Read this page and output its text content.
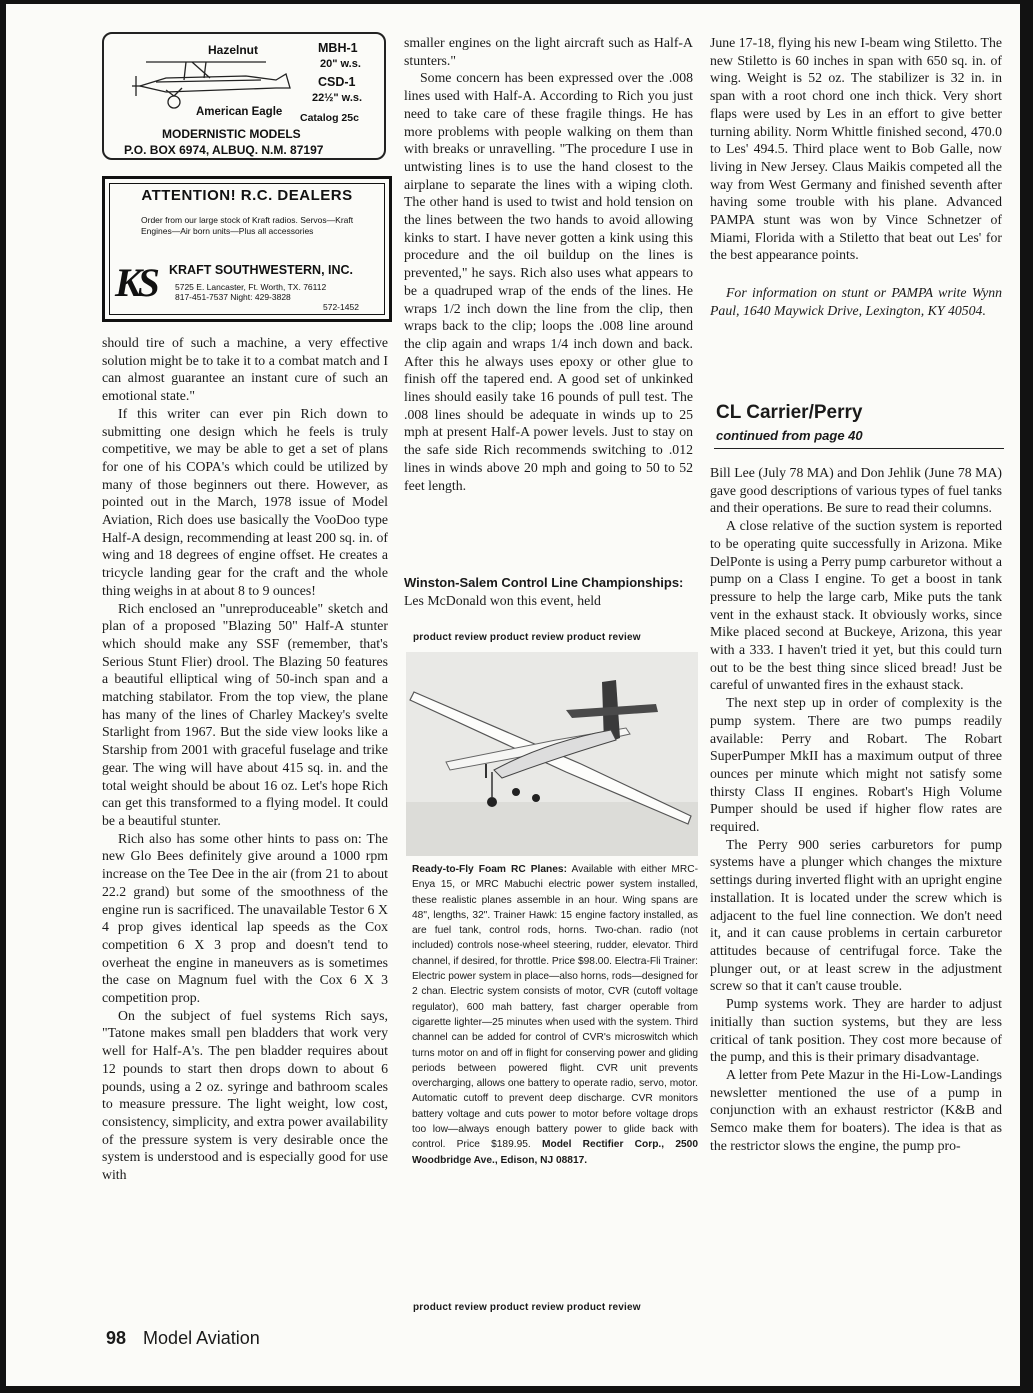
Hazelnut	MBH-1
20" w.s.
CSD-1
22½" w.s.
American Eagle Catalog 25c
MODERNISTIC MODELS
P.O. BOX 6974, ALBUQ. N.M. 87197
ATTENTION! R.C. DEALERS
Order from our large stock of Kraft radios. Servos—Kraft Engines—Air born units—Plus all accessories
KS KRAFT SOUTHWESTERN, INC.
5725 E. Lancaster, Ft. Worth, TX. 76112
817-451-7537 Night: 429-3828
572-1452

should tire of such a machine, a very effective solution might be to take it to a combat match and I can almost guarantee an instant cure of such an emotional state."

If this writer can ever pin Rich down to submitting one design which he feels is truly competitive, we may be able to get a set of plans for one of his COPA's which could be utilized by many of those beginners out there. However, as pointed out in the March, 1978 issue of Model Aviation, Rich does use basically the VooDoo type Half-A design, recommending at least 200 sq. in. of wing and 18 degrees of engine offset. He creates a tricycle landing gear for the craft and the whole thing weighs in at about 8 to 9 ounces!

Rich enclosed an "unreproduceable" sketch and plan of a proposed "Blazing 50" Half-A stunter which should make any SSF (remember, that's Serious Stunt Flier) drool. The Blazing 50 features a beautiful elliptical wing of 50-inch span and a matching stabilator. From the top view, the plane has many of the lines of Charley Mackey's svelte Starlight from 1967. But the side view looks like a Starship from 2001 with graceful fuselage and trike gear. The wing will have about 415 sq. in. and the total weight should be about 16 oz. Let's hope Rich can get this transformed to a flying model. It could be a beautiful stunter.

Rich also has some other hints to pass on: The new Glo Bees definitely give around a 1000 rpm increase on the Tee Dee in the air (from 21 to about 22.2 grand) but some of the smoothness of the engine run is sacrificed. The unavailable Testor 6 X 4 prop gives identical lap speeds as the Cox competition 6 X 3 prop and doesn't tend to overheat the engine in maneuvers as is sometimes the case on Magnum fuel with the Cox 6 X 3 competition prop.

On the subject of fuel systems Rich says, "Tatone makes small pen bladders that work very well for Half-A's. The pen bladder requires about 12 pounds to start then drops down to about 6 pounds, using a 2 oz. syringe and bathroom scales to measure pressure. The light weight, low cost, consistency, simplicity, and extra power availability of the pressure system is very desirable once the system is understood and is especially good for use with

smaller engines on the light aircraft such as Half-A stunters."

Some concern has been expressed over the .008 lines used with Half-A. According to Rich you just need to take care of these fragile things. He has more problems with people walking on them than with breaks or unravelling. "The procedure I use in untwisting lines is to use the hand closest to the airplane to separate the lines with a wiping cloth. The other hand is used to twist and hold tension on the lines between the two hands to avoid allowing kinks to start. I have never gotten a kink using this procedure and the oil buildup on the lines is prevented," he says. Rich also uses what appears to be a quadruped wrap of the ends of the lines. He wraps 1/2 inch down the line from the clip, then wraps back to the clip; loops the .008 line around the clip again and wraps 1/4 inch down and back. After this he always uses epoxy or other glue to finish off the tapered end. A good set of unkinked lines should easily take 16 pounds of pull test. The .008 lines should be adequate in winds up to 25 mph at present Half-A power levels. Just to stay on the safe side Rich recommends switching to .012 lines in winds above 20 mph and going to 50 to 52 feet length.

Winston-Salem Control Line Championships: Les McDonald won this event, held
product review product review product review
Ready-to-Fly Foam RC Planes: Available with either MRC-Enya 15, or MRC Mabuchi electric power system installed, these realistic planes assemble in an hour. Wing spans are 48", lengths, 32". Trainer Hawk: 15 engine factory installed, as are fuel tank, control rods, horns. Two-chan. radio (not included) controls nose-wheel steering, rudder, elevator. Third channel, if desired, for throttle. Price $98.00. Electra-Fli Trainer: Electric power system in place—also horns, rods—designed for 2 chan. Electric system consists of motor, CVR (cutoff voltage regulator), 600 mah battery, fast charger operable from cigarette lighter—25 minutes when used with the system. Third channel can be added for control of CVR's microswitch which turns motor on and off in flight for conserving power and gliding periods between powered flight. CVR unit prevents overcharging, allows one battery to operate radio, servo, motor. Automatic cutoff to prevent deep discharge. CVR monitors battery voltage and cuts power to motor before voltage drops too low—always enough battery power to glide back with control. Price $189.95. Model Rectifier Corp., 2500 Woodbridge Ave., Edison, NJ 08817.
product review product review product review

June 17-18, flying his new I-beam wing Stiletto. The new Stiletto is 60 inches in span with 650 sq. in. of wing. Weight is 52 oz. The stabilizer is 32 in. in span with a root chord one inch thick. Very short flaps were used by Les in an effort to give better turning ability. Norm Whittle finished second, 470.0 to Les' 494.5. Third place went to Bob Galle, now living in New Jersey. Claus Maikis competed all the way from West Germany and finished seventh after having some trouble with his plane. Advanced PAMPA stunt was won by Vince Schnetzer of Miami, Florida with a Stiletto that beat out Les' for the best appearance points.

For information on stunt or PAMPA write Wynn Paul, 1640 Maywick Drive, Lexington, KY 40504.

CL Carrier/Perry
continued from page 40

Bill Lee (July 78 MA) and Don Jehlik (June 78 MA) gave good descriptions of various types of fuel tanks and their operations. Be sure to read their columns.

A close relative of the suction system is reported to be operating quite successfully in Arizona. Mike DelPonte is using a Perry pump carburetor without a pump on a Class I engine. To get a boost in tank pressure to help the large carb, Mike puts the tank vent in the exhaust stack. It obviously works, since Mike placed second at Buckeye, Arizona, this year with a 333. I haven't tried it yet, but this could turn out to be the best thing since sliced bread! Just be careful of unwanted fires in the exhaust stack.

The next step up in order of complexity is the pump system. There are two pumps readily available: Perry and Robart. The Robart SuperPumper MkII has a maximum output of three ounces per minute which might not satisfy some thirsty Class II engines. Robart's High Volume Pumper should be used if higher flow rates are required.

The Perry 900 series carburetors for pump systems have a plunger which changes the mixture settings during inverted flight with an upright engine installation. It is located under the screw which is adjacent to the fuel line connection. We don't need it, and it can cause problems in certain carburetor attitudes because of centrifugal force. Take the plunger out, or at least screw in the adjustment screw so that it can't cause trouble.

Pump systems work. They are harder to adjust initially than suction systems, but they are less critical of tank position. They cost more because of the pump, and this is their primary disadvantage.

A letter from Pete Mazur in the Hi-Low-Landings newsletter mentioned the use of a pump in conjunction with an exhaust restrictor (K&B and Semco make them for boaters). The idea is that as the restrictor slows the engine, the pump pro-

98 Model Aviation
